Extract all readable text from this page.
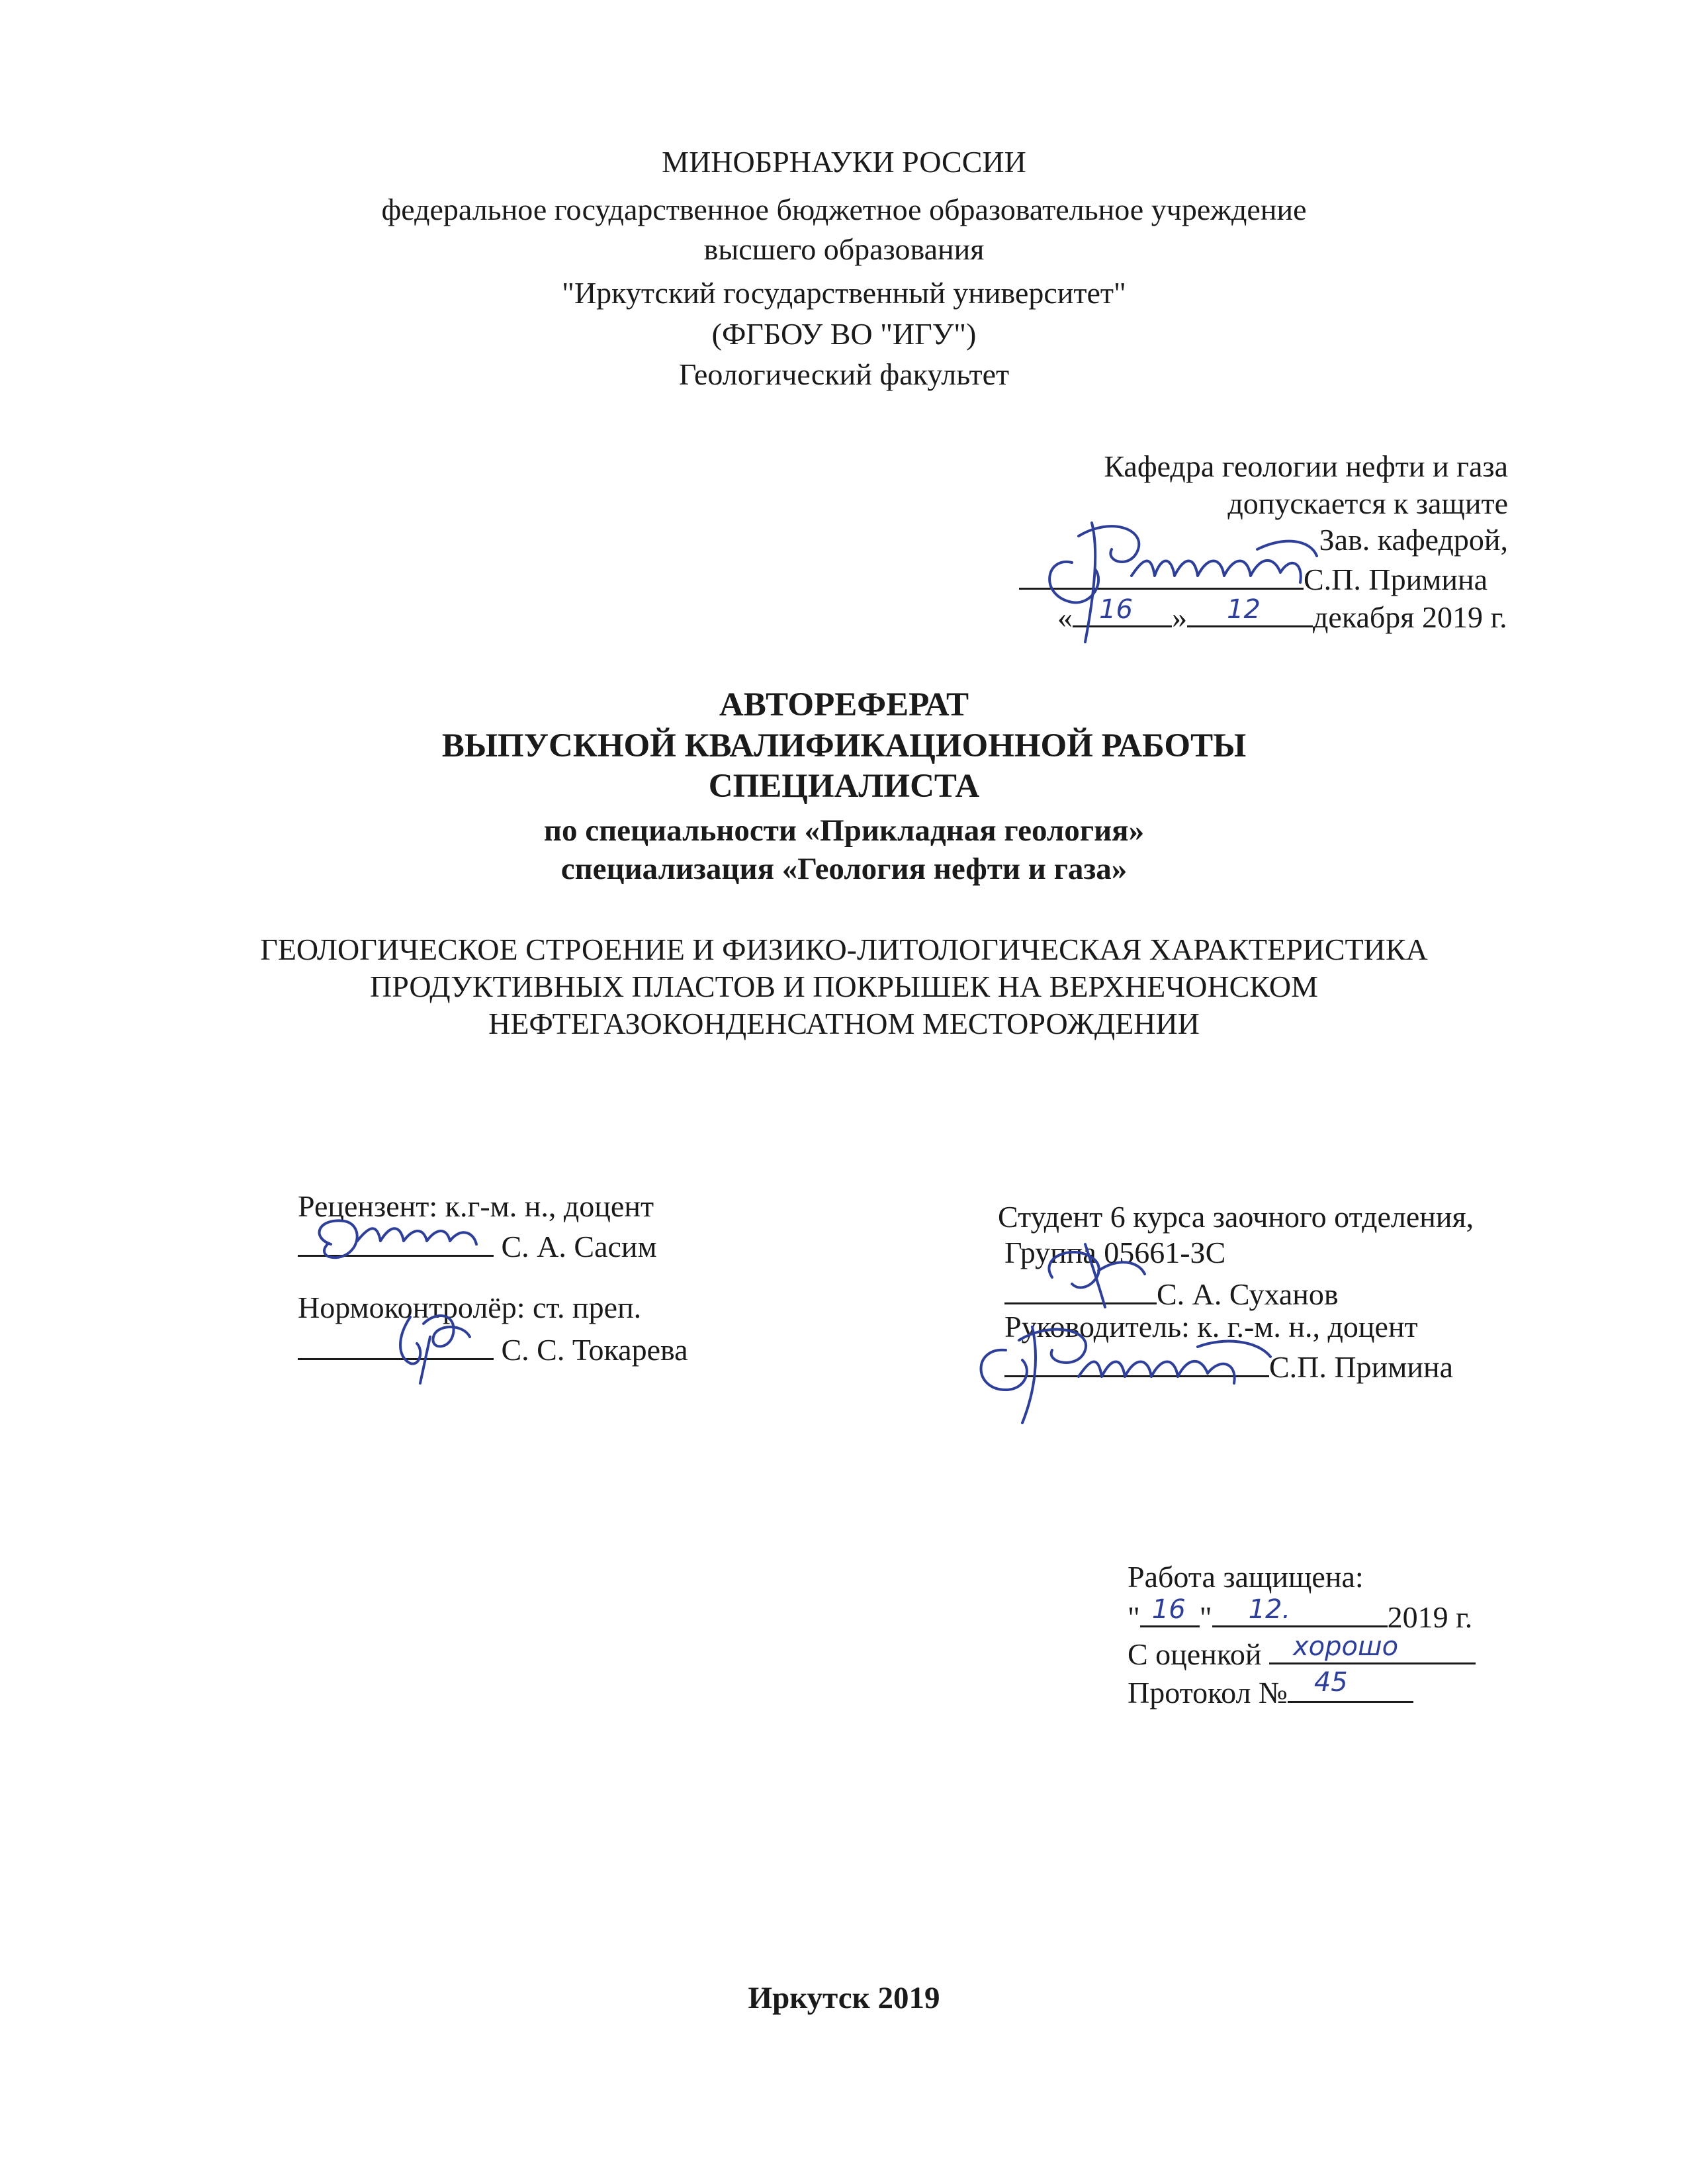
МИНОБРНАУКИ РОССИИ
федеральное государственное бюджетное образовательное учреждение
высшего образования
"Иркутский государственный университет"
(ФГБОУ ВО "ИГУ")
Геологический факультет
Кафедра геологии нефти и газа
допускается к защите
Зав. кафедрой,
С.П. Примина
« 16 » 12 декабря 2019 г.
АВТОРЕФЕРАТ
ВЫПУСКНОЙ КВАЛИФИКАЦИОННОЙ РАБОТЫ
СПЕЦИАЛИСТА
по специальности «Прикладная геология»
специализация «Геология нефти и газа»
ГЕОЛОГИЧЕСКОЕ СТРОЕНИЕ И ФИЗИКО-ЛИТОЛОГИЧЕСКАЯ ХАРАКТЕРИСТИКА
ПРОДУКТИВНЫХ ПЛАСТОВ И ПОКРЫШЕК НА ВЕРХНЕЧОНСКОМ
НЕФТЕГАЗОКОНДЕНСАТНОМ МЕСТОРОЖДЕНИИ
Рецензент: к.г-м. н., доцент
С. А. Сасим
Нормоконтролёр: ст. преп.
С. С. Токарева
Студент 6 курса заочного отделения,
Группа 05661-ЗС
С. А. Суханов
Руководитель: к. г.-м. н., доцент
С.П. Примина
Работа защищена:
" 16 " 12.	2019 г.
С оценкой хорошо
Протокол № 45
Иркутск 2019
